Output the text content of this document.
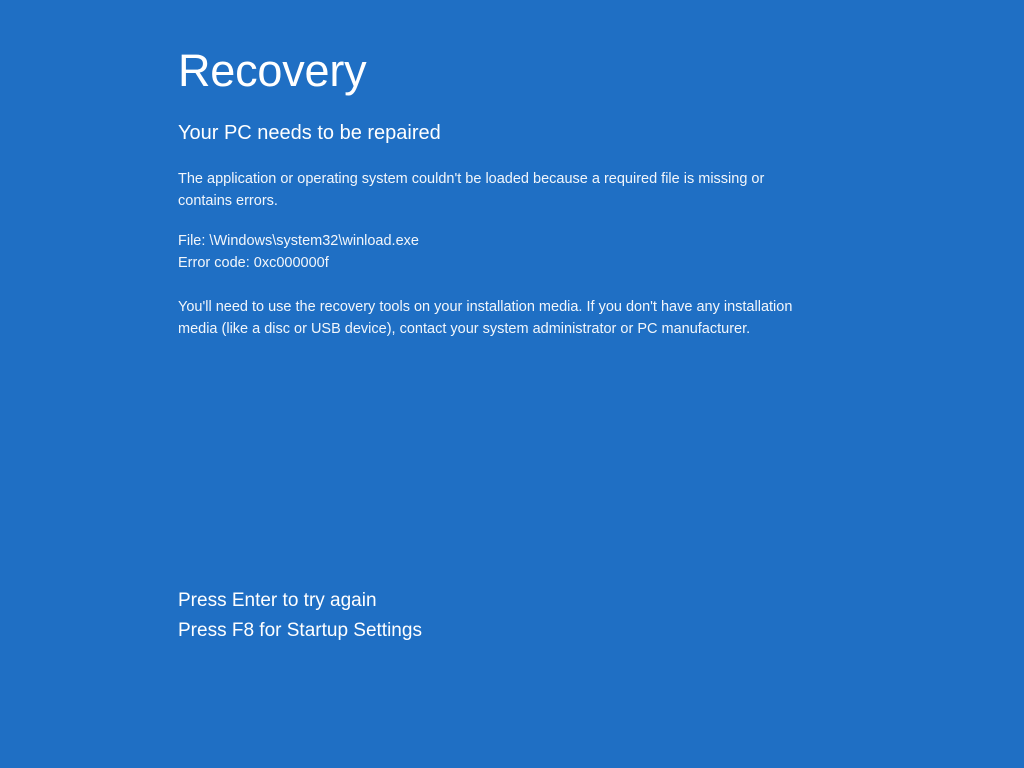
Recovery
Your PC needs to be repaired

The application or operating system couldn't be loaded because a required file is missing or contains errors.

File: \Windows\system32\winload.exe

Error code: 0xc000000f

You'll need to use the recovery tools on your installation media. If you don't have any installation media (like a disc or USB device), contact your system administrator or PC manufacturer.

Press Enter to try again

Press F8 for Startup Settings
